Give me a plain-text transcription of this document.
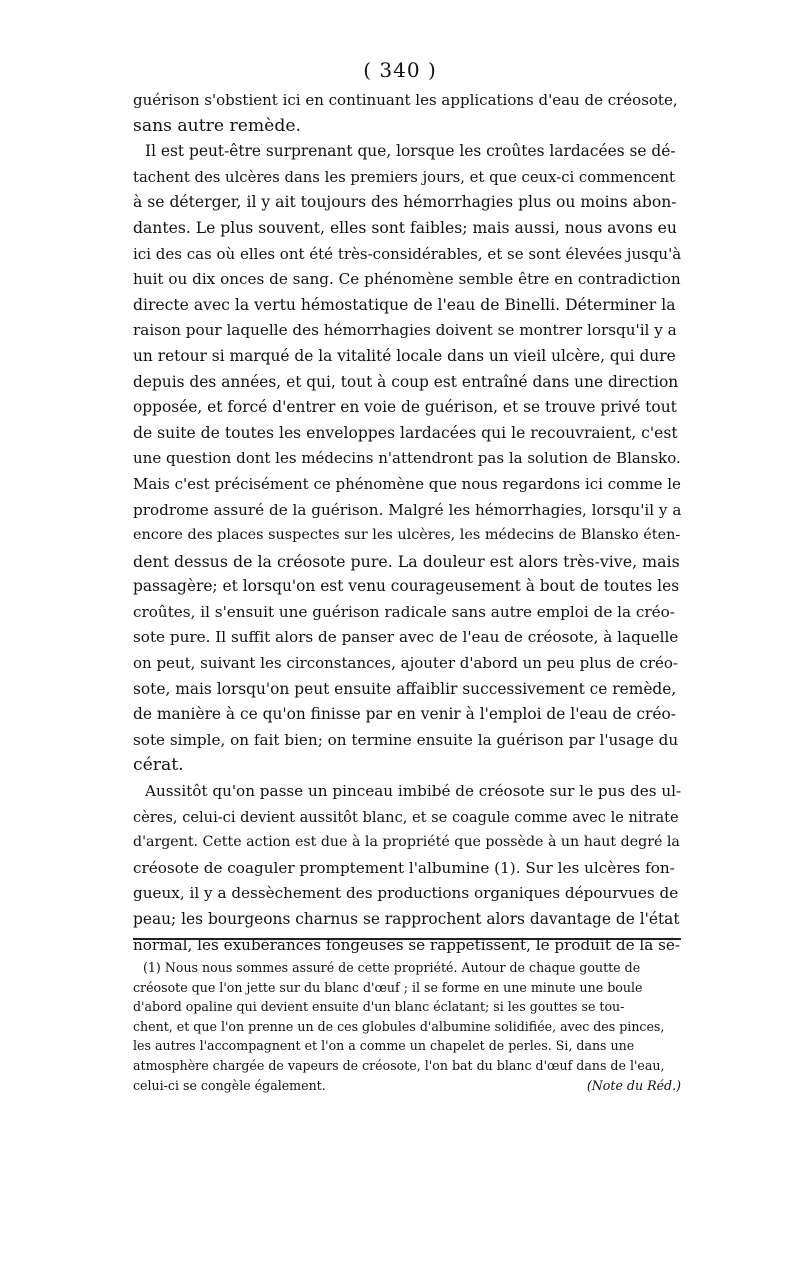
( 340 )
guérison s'obstient ici en continuant les applications d'eau de créosote,
sans autre remède.
Il est peut-être surprenant que, lorsque les croûtes lardacées se dé-
tachent des ulcères dans les premiers jours, et que ceux-ci commencent
à se déterger, il y ait toujours des hémorrhagies plus ou moins abon-
dantes. Le plus souvent, elles sont faibles; mais aussi, nous avons eu
ici des cas où elles ont été très-considérables, et se sont élevées jusqu'à
huit ou dix onces de sang. Ce phénomène semble être en contradiction
directe avec la vertu hémostatique de l'eau de Binelli. Déterminer la
raison pour laquelle des hémorrhagies doivent se montrer lorsqu'il y a
un retour si marqué de la vitalité locale dans un vieil ulcère, qui dure
depuis des années, et qui, tout à coup est entraîné dans une direction
opposée, et forcé d'entrer en voie de guérison, et se trouve privé tout
de suite de toutes les enveloppes lardacées qui le recouvraient, c'est
une question dont les médecins n'attendront pas la solution de Blansko.
Mais c'est précisément ce phénomène que nous regardons ici comme le
prodrome assuré de la guérison. Malgré les hémorrhagies, lorsqu'il y a
encore des places suspectes sur les ulcères, les médecins de Blansko éten-
dent dessus de la créosote pure. La douleur est alors très-vive, mais
passagère; et lorsqu'on est venu courageusement à bout de toutes les
croûtes, il s'ensuit une guérison radicale sans autre emploi de la créo-
sote pure. Il suffit alors de panser avec de l'eau de créosote, à laquelle
on peut, suivant les circonstances, ajouter d'abord un peu plus de créo-
sote, mais lorsqu'on peut ensuite affaiblir successivement ce remède,
de manière à ce qu'on finisse par en venir à l'emploi de l'eau de créo-
sote simple, on fait bien; on termine ensuite la guérison par l'usage du
cérat.
Aussitôt qu'on passe un pinceau imbibé de créosote sur le pus des ul-
cères, celui-ci devient aussitôt blanc, et se coagule comme avec le nitrate
d'argent. Cette action est due à la propriété que possède à un haut degré la
créosote de coaguler promptement l'albumine (1). Sur les ulcères fon-
gueux, il y a dessèchement des productions organiques dépourvues de
peau; les bourgeons charnus se rapprochent alors davantage de l'état
normal, les exubérances fongeuses se rappetissent, le produit de la sé-
(1) Nous nous sommes assuré de cette propriété. Autour de chaque goutte de
créosote que l'on jette sur du blanc d'œuf ; il se forme en une minute une boule
d'abord opaline qui devient ensuite d'un blanc éclatant; si les gouttes se tou-
chent, et que l'on prenne un de ces globules d'albumine solidifiée, avec des pinces,
les autres l'accompagnent et l'on a comme un chapelet de perles. Si, dans une
atmosphère chargée de vapeurs de créosote, l'on bat du blanc d'œuf dans de l'eau,
celui-ci se congèle également.	(Note du Réd.)
